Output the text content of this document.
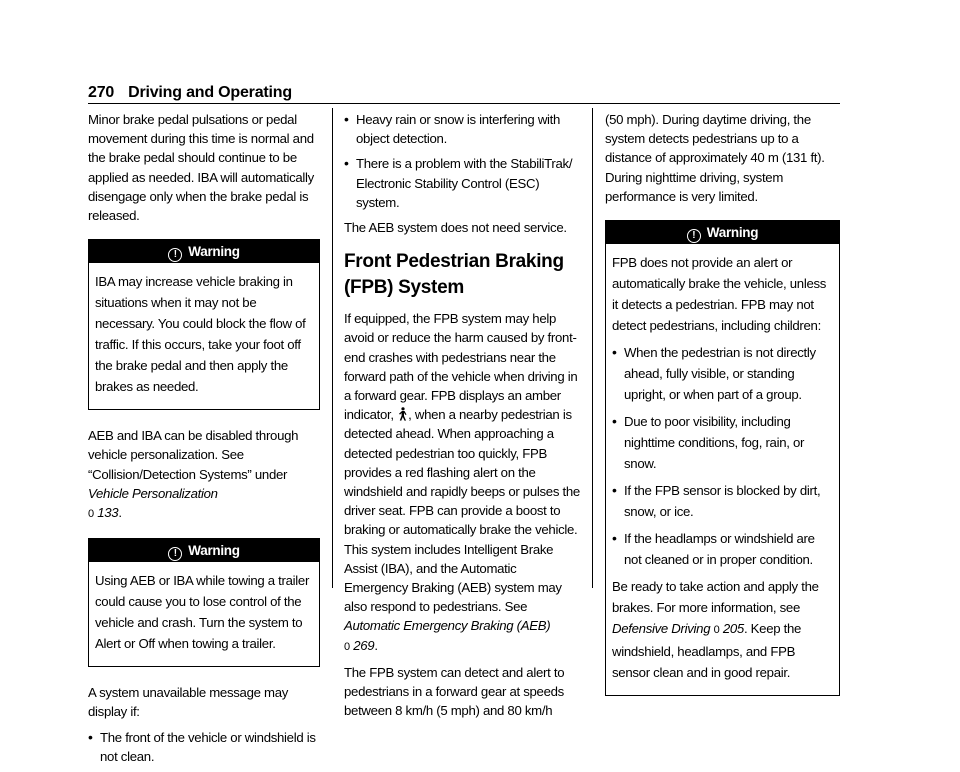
270 Driving and Operating

Minor brake pedal pulsations or pedal movement during this time is normal and the brake pedal should continue to be applied as needed. IBA will automatically disengage only when the brake pedal is released.

! Warning

IBA may increase vehicle braking in situations when it may not be necessary. You could block the flow of traffic. If this occurs, take your foot off the brake pedal and then apply the brakes as needed.

AEB and IBA can be disabled through vehicle personalization. See “Collision/Detection Systems” under Vehicle Personalization
0 133.

! Warning

Using AEB or IBA while towing a trailer could cause you to lose control of the vehicle and crash. Turn the system to Alert or Off when towing a trailer.

A system unavailable message may display if:

• The front of the vehicle or windshield is not clean.
• Heavy rain or snow is interfering with object detection.
• There is a problem with the StabiliTrak/ Electronic Stability Control (ESC) system.

The AEB system does not need service.

Front Pedestrian Braking (FPB) System

If equipped, the FPB system may help avoid or reduce the harm caused by front-end crashes with pedestrians near the forward path of the vehicle when driving in a forward gear. FPB displays an amber indicator, , when a nearby pedestrian is detected ahead. When approaching a detected pedestrian too quickly, FPB provides a red flashing alert on the windshield and rapidly beeps or pulses the driver seat. FPB can provide a boost to braking or automatically brake the vehicle. This system includes Intelligent Brake Assist (IBA), and the Automatic Emergency Braking (AEB) system may also respond to pedestrians. See Automatic Emergency Braking (AEB) 0 269.

The FPB system can detect and alert to pedestrians in a forward gear at speeds between 8 km/h (5 mph) and 80 km/h

(50 mph). During daytime driving, the system detects pedestrians up to a distance of approximately 40 m (131 ft). During nighttime driving, system performance is very limited.

! Warning

FPB does not provide an alert or automatically brake the vehicle, unless it detects a pedestrian. FPB may not detect pedestrians, including children:

• When the pedestrian is not directly ahead, fully visible, or standing upright, or when part of a group.
• Due to poor visibility, including nighttime conditions, fog, rain, or snow.
• If the FPB sensor is blocked by dirt, snow, or ice.
• If the headlamps or windshield are not cleaned or in proper condition.

Be ready to take action and apply the brakes. For more information, see Defensive Driving 0 205. Keep the windshield, headlamps, and FPB sensor clean and in good repair.
